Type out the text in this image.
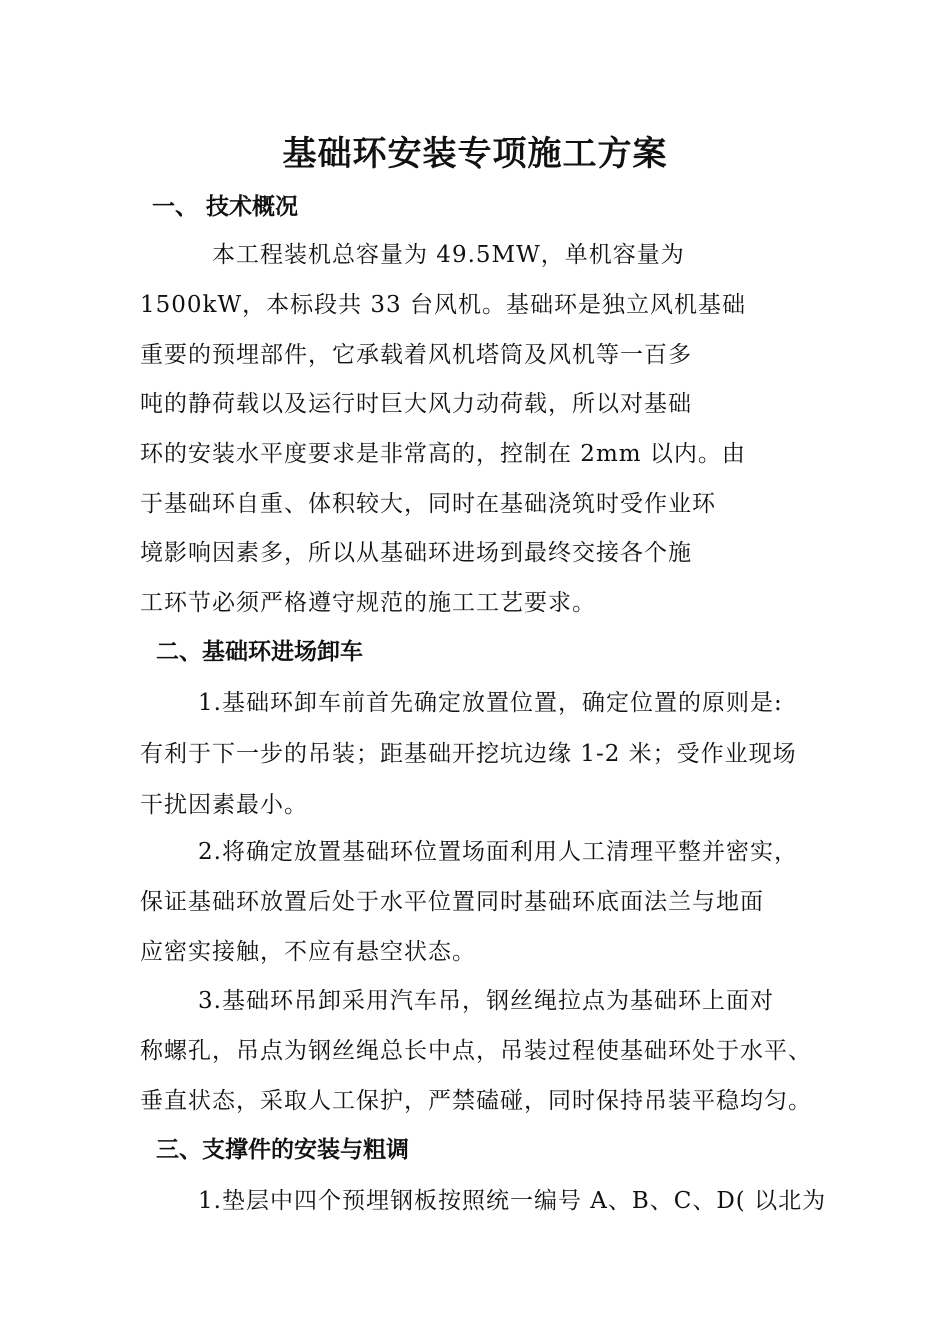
基础环安装专项施工方案
一、 技术概况
本工程装机总容量为 49.5MW，单机容量为
1500kW，本标段共 33 台风机。基础环是独立风机基础
重要的预埋部件，它承载着风机塔筒及风机等一百多
吨的静荷载以及运行时巨大风力动荷载，所以对基础
环的安装水平度要求是非常高的，控制在 2mm 以内。由
于基础环自重、体积较大，同时在基础浇筑时受作业环
境影响因素多，所以从基础环进场到最终交接各个施
工环节必须严格遵守规范的施工工艺要求。
二、基础环进场卸车
1.基础环卸车前首先确定放置位置，确定位置的原则是:
有利于下一步的吊装；距基础开挖坑边缘 1-2 米；受作业现场
干扰因素最小。
2.将确定放置基础环位置场面利用人工清理平整并密实，
保证基础环放置后处于水平位置同时基础环底面法兰与地面
应密实接触，不应有悬空状态。
3.基础环吊卸采用汽车吊，钢丝绳拉点为基础环上面对
称螺孔，吊点为钢丝绳总长中点，吊装过程使基础环处于水平、
垂直状态，采取人工保护，严禁磕碰，同时保持吊装平稳均匀。
三、支撑件的安装与粗调
1.垫层中四个预埋钢板按照统一编号 A、B、C、D( 以北为
